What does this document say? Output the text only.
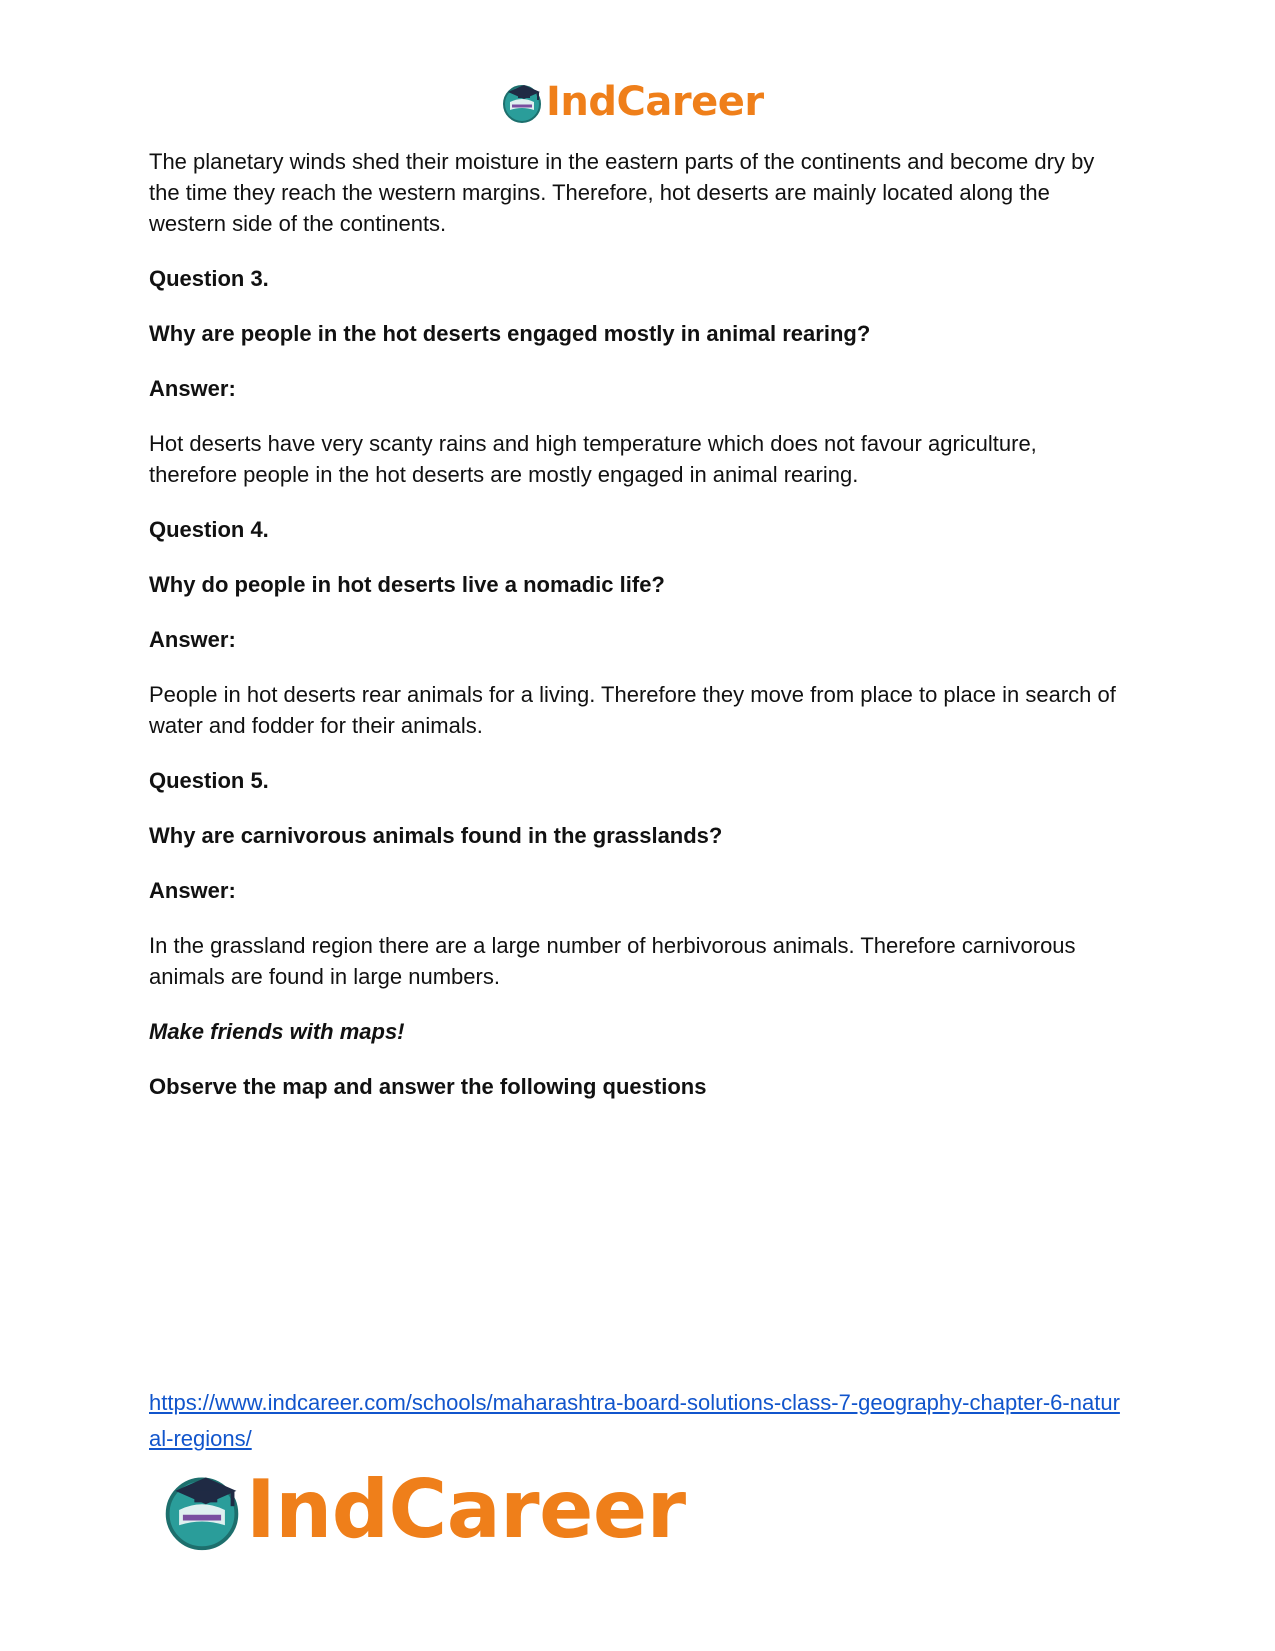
IndCareer

The planetary winds shed their moisture in the eastern parts of the continents and become dry by the time they reach the western margins. Therefore, hot deserts are mainly located along the western side of the continents.

Question 3.

Why are people in the hot deserts engaged mostly in animal rearing?

Answer:

Hot deserts have very scanty rains and high temperature which does not favour agriculture, therefore people in the hot deserts are mostly engaged in animal rearing.

Question 4.

Why do people in hot deserts live a nomadic life?

Answer:

People in hot deserts rear animals for a living. Therefore they move from place to place in search of water and fodder for their animals.

Question 5.

Why are carnivorous animals found in the grasslands?

Answer:

In the grassland region there are a large number of herbivorous animals. Therefore carnivorous animals are found in large numbers.

Make friends with maps!

Observe the map and answer the following questions

https://www.indcareer.com/schools/maharashtra-board-solutions-class-7-geography-chapter-6-natural-regions/
IndCareer
